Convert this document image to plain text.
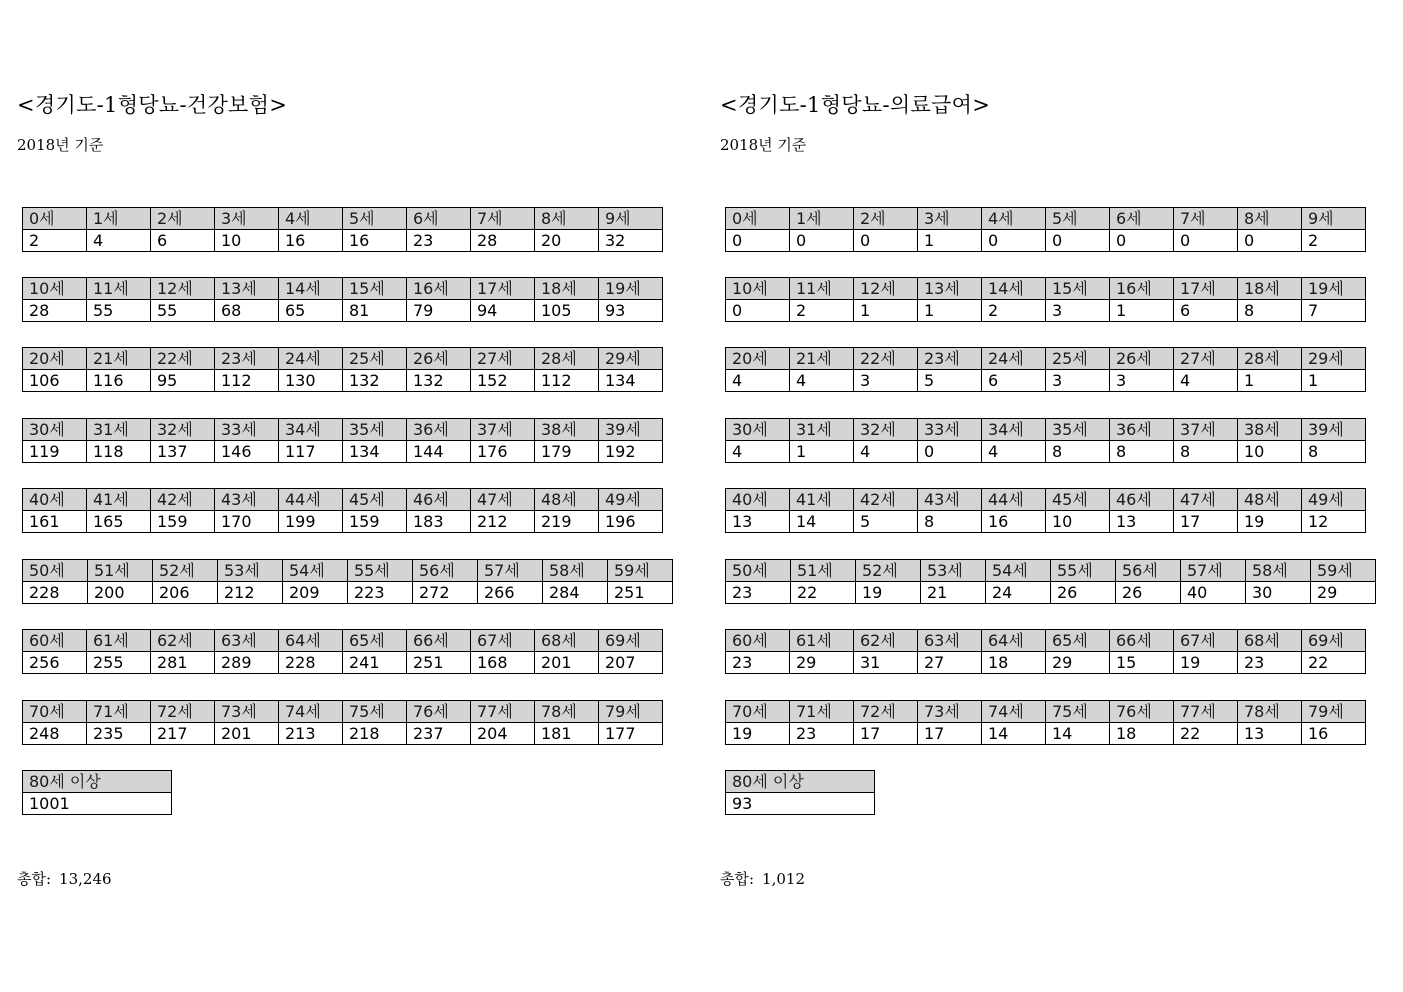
<경기도-1형당뇨-건강보험>
2018년 기준
0세	1세	2세	3세	4세	5세	6세	7세	8세	9세
2	4	6	10	16	16	23	28	20	32
10세	11세	12세	13세	14세	15세	16세	17세	18세	19세
28	55	55	68	65	81	79	94	105	93
20세	21세	22세	23세	24세	25세	26세	27세	28세	29세
106	116	95	112	130	132	132	152	112	134
30세	31세	32세	33세	34세	35세	36세	37세	38세	39세
119	118	137	146	117	134	144	176	179	192
40세	41세	42세	43세	44세	45세	46세	47세	48세	49세
161	165	159	170	199	159	183	212	219	196
50세	51세	52세	53세	54세	55세	56세	57세	58세	59세
228	200	206	212	209	223	272	266	284	251
60세	61세	62세	63세	64세	65세	66세	67세	68세	69세
256	255	281	289	228	241	251	168	201	207
70세	71세	72세	73세	74세	75세	76세	77세	78세	79세
248	235	217	201	213	218	237	204	181	177
80세 이상
1001
총합: 13,246
<경기도-1형당뇨-의료급여>
2018년 기준
0세	1세	2세	3세	4세	5세	6세	7세	8세	9세
0	0	0	1	0	0	0	0	0	2
10세	11세	12세	13세	14세	15세	16세	17세	18세	19세
0	2	1	1	2	3	1	6	8	7
20세	21세	22세	23세	24세	25세	26세	27세	28세	29세
4	4	3	5	6	3	3	4	1	1
30세	31세	32세	33세	34세	35세	36세	37세	38세	39세
4	1	4	0	4	8	8	8	10	8
40세	41세	42세	43세	44세	45세	46세	47세	48세	49세
13	14	5	8	16	10	13	17	19	12
50세	51세	52세	53세	54세	55세	56세	57세	58세	59세
23	22	19	21	24	26	26	40	30	29
60세	61세	62세	63세	64세	65세	66세	67세	68세	69세
23	29	31	27	18	29	15	19	23	22
70세	71세	72세	73세	74세	75세	76세	77세	78세	79세
19	23	17	17	14	14	18	22	13	16
80세 이상
93
총합: 1,012
